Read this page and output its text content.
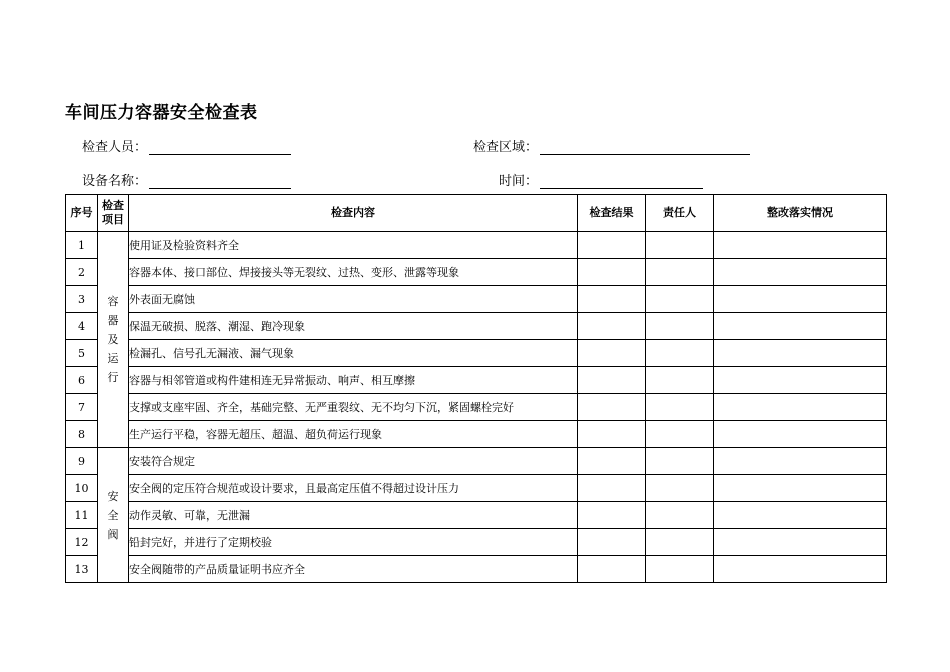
车间压力容器安全检查表
检查人员：	检查区域：
设备名称：	时间：
序号	检查项目	检查内容	检查结果	责任人	整改落实情况
1	容器及运行	使用证及检验资料齐全			
2		容器本体、接口部位、焊接接头等无裂纹、过热、变形、泄露等现象			
3		外表面无腐蚀			
4		保温无破损、脱落、潮湿、跑冷现象			
5		检漏孔、信号孔无漏液、漏气现象			
6		容器与相邻管道或构件建相连无异常振动、响声、相互摩擦			
7		支撑或支座牢固、齐全，基础完整、无严重裂纹、无不均匀下沉，紧固螺栓完好			
8		生产运行平稳，容器无超压、超温、超负荷运行现象			
9	安全阀	安装符合规定			
10		安全阀的定压符合规范或设计要求，且最高定压值不得超过设计压力			
11		动作灵敏、可靠，无泄漏			
12		铅封完好，并进行了定期校验			
13		安全阀随带的产品质量证明书应齐全			
